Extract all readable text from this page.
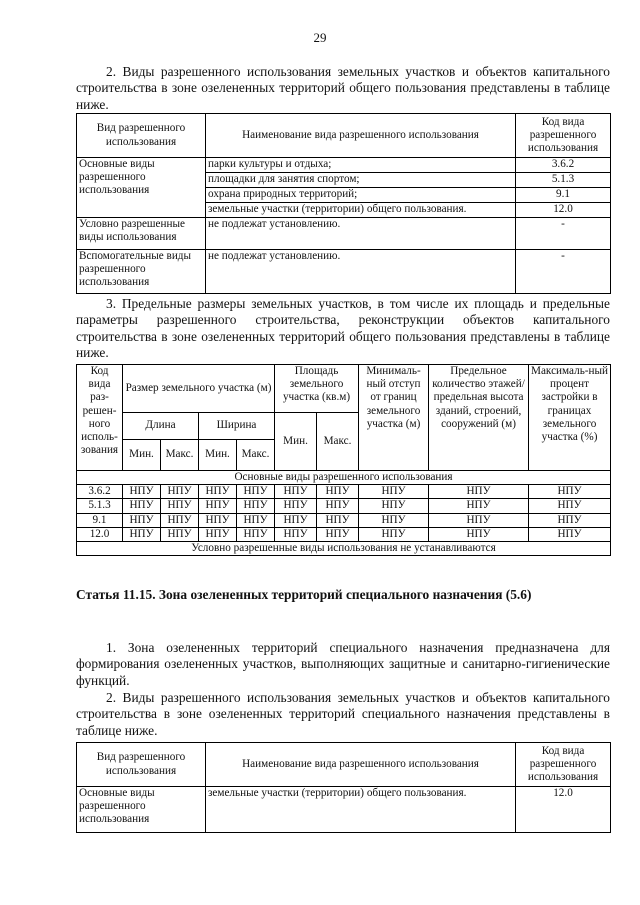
29

2. Виды разрешенного использования земельных участков и объектов капитального строительства в зоне озелененных территорий общего пользования представлены в таблице ниже.

Вид разрешенного использования	Наименование вида разрешенного использования	Код вида разрешенного использования
Основные виды разрешенного использования	парки культуры и отдыха;	3.6.2
	площадки для занятия спортом;	5.1.3
	охрана природных территорий;	9.1
	земельные участки (территории) общего пользования.	12.0
Условно разрешенные виды использования	не подлежат установлению.	-
Вспомогательные виды разрешенного использования	не подлежат установлению.	-

3. Предельные размеры земельных участков, в том числе их площадь и предельные параметры разрешенного строительства, реконструкции объектов капитального строительства в зоне озелененных территорий общего пользования представлены в таблице ниже.

Код вида раз-решен-ного исполь-зования	Размер земельного участка (м)				Площадь земельного участка (кв.м)		Минималь-ный отступ от границ земельного участка (м)	Предельное количество этажей/ предельная высота зданий, строений, сооружений (м)	Максималь-ный процент застройки в границах земельного участка (%)
	Длина		Ширина		Мин.	Макс.			
	Мин.	Макс.	Мин.	Макс.					
Основные виды разрешенного использования									
3.6.2	НПУ	НПУ	НПУ	НПУ	НПУ	НПУ	НПУ	НПУ	НПУ
5.1.3	НПУ	НПУ	НПУ	НПУ	НПУ	НПУ	НПУ	НПУ	НПУ
9.1	НПУ	НПУ	НПУ	НПУ	НПУ	НПУ	НПУ	НПУ	НПУ
12.0	НПУ	НПУ	НПУ	НПУ	НПУ	НПУ	НПУ	НПУ	НПУ
Условно разрешенные виды использования не устанавливаются									

Статья 11.15. Зона озелененных территорий специального назначения (5.6)

1. Зона озелененных территорий специального назначения предназначена для формирования озелененных участков, выполняющих защитные и санитарно-гигиенические функций.

2. Виды разрешенного использования земельных участков и объектов капитального строительства в зоне озелененных территорий специального назначения представлены в таблице ниже.

Вид разрешенного использования	Наименование вида разрешенного использования	Код вида разрешенного использования
Основные виды разрешенного использования	земельные участки (территории) общего пользования.	12.0
